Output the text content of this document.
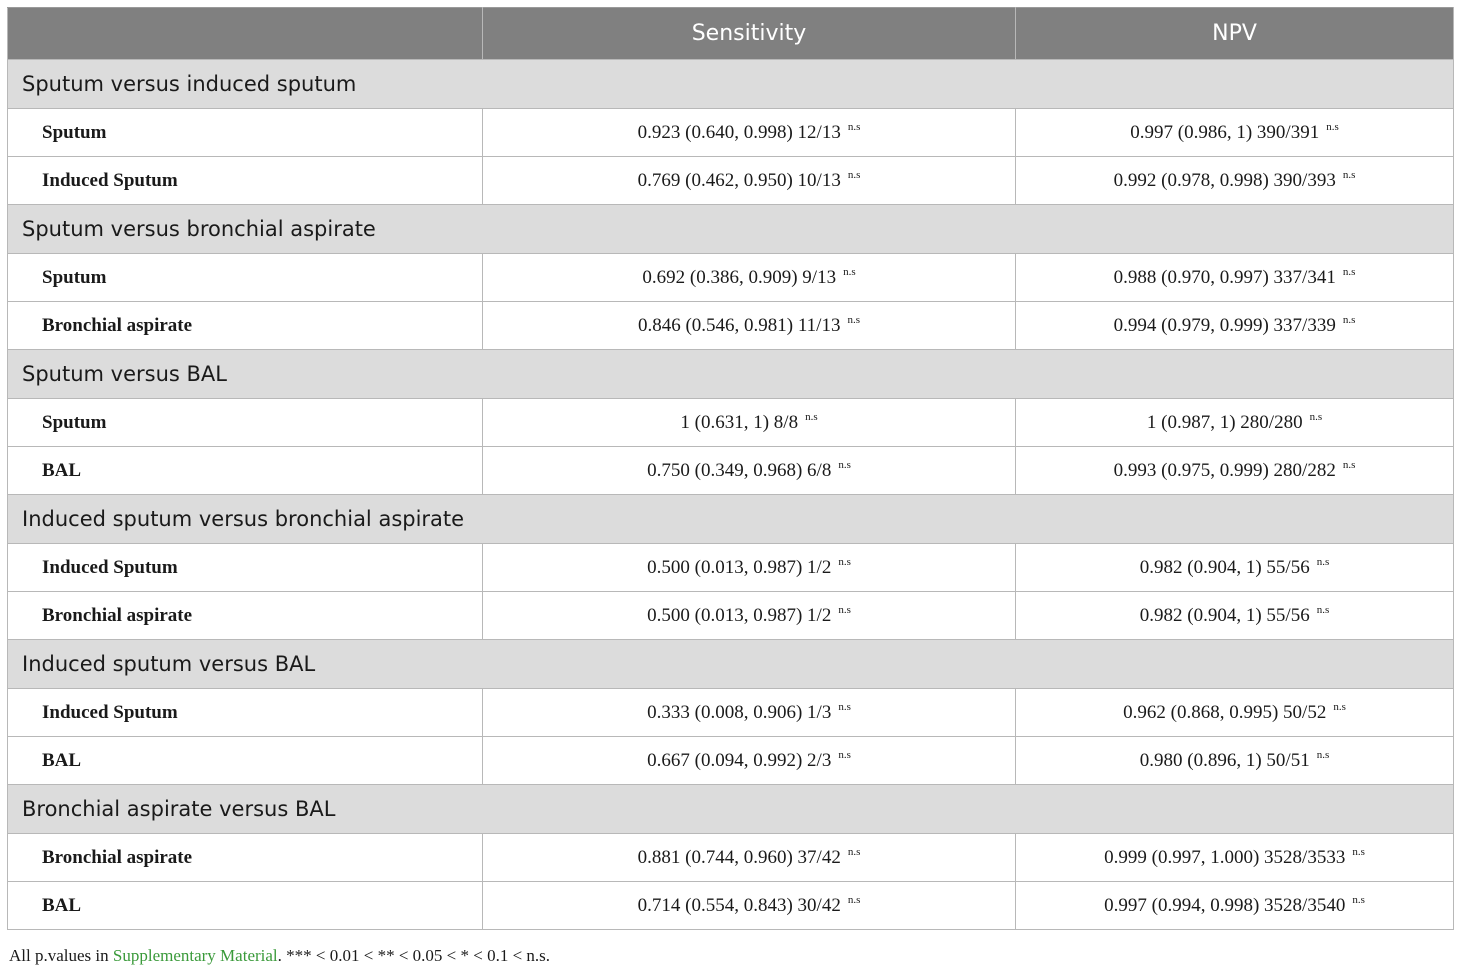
	Sensitivity	NPV
Sputum versus induced sputum		
Sputum	0.923 (0.640, 0.998) 12/13 $^{n.s}$	0.997 (0.986, 1) 390/391 $^{n.s}$
Induced Sputum	0.769 (0.462, 0.950) 10/13 $^{n.s}$	0.992 (0.978, 0.998) 390/393 $^{n.s}$
Sputum versus bronchial aspirate		
Sputum	0.692 (0.386, 0.909) 9/13 $^{n.s}$	0.988 (0.970, 0.997) 337/341 $^{n.s}$
Bronchial aspirate	0.846 (0.546, 0.981) 11/13 $^{n.s}$	0.994 (0.979, 0.999) 337/339 $^{n.s}$
Sputum versus BAL		
Sputum	1 (0.631, 1) 8/8 $^{n.s}$	1 (0.987, 1) 280/280 $^{n.s}$
BAL	0.750 (0.349, 0.968) 6/8 $^{n.s}$	0.993 (0.975, 0.999) 280/282 $^{n.s}$
Induced sputum versus bronchial aspirate		
Induced Sputum	0.500 (0.013, 0.987) 1/2 $^{n.s}$	0.982 (0.904, 1) 55/56 $^{n.s}$
Bronchial aspirate	0.500 (0.013, 0.987) 1/2 $^{n.s}$	0.982 (0.904, 1) 55/56 $^{n.s}$
Induced sputum versus BAL		
Induced Sputum	0.333 (0.008, 0.906) 1/3 $^{n.s}$	0.962 (0.868, 0.995) 50/52 $^{n.s}$
BAL	0.667 (0.094, 0.992) 2/3 $^{n.s}$	0.980 (0.896, 1) 50/51 $^{n.s}$
Bronchial aspirate versus BAL		
Bronchial aspirate	0.881 (0.744, 0.960) 37/42 $^{n.s}$	0.999 (0.997, 1.000) 3528/3533 $^{n.s}$
BAL	0.714 (0.554, 0.843) 30/42 $^{n.s}$	0.997 (0.994, 0.998) 3528/3540 $^{n.s}$
All p.values in Supplementary Material. *** < 0.01 < ** < 0.05 < * < 0.1 < n.s.
